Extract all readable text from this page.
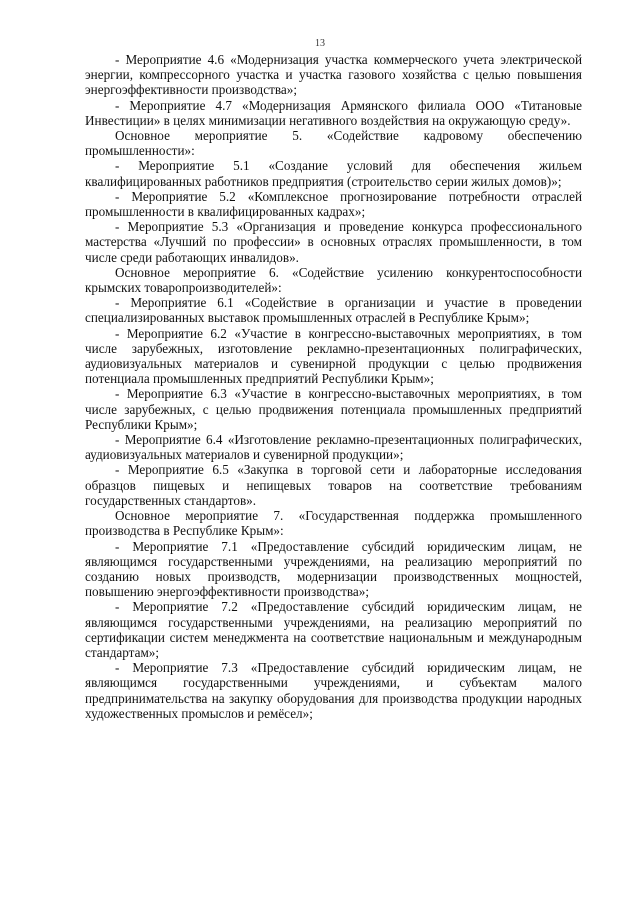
13

- Мероприятие 4.6 «Модернизация участка коммерческого учета электрической энергии, компрессорного участка и участка газового хозяйства с целью повышения энергоэффективности производства»;

- Мероприятие 4.7 «Модернизация Армянского филиала ООО «Титановые Инвестиции» в целях минимизации негативного воздействия на окружающую среду».

Основное мероприятие 5. «Содействие кадровому обеспечению промышленности»:

- Мероприятие 5.1 «Создание условий для обеспечения жильем квалифицированных работников предприятия (строительство серии жилых домов)»;

- Мероприятие 5.2 «Комплексное прогнозирование потребности отраслей промышленности в квалифицированных кадрах»;

- Мероприятие 5.3 «Организация и проведение конкурса профессионального мастерства «Лучший по профессии» в основных отраслях промышленности, в том числе среди работающих инвалидов».

Основное мероприятие 6. «Содействие усилению конкурентоспособности крымских товаропроизводителей»:

- Мероприятие 6.1 «Содействие в организации и участие в проведении специализированных выставок промышленных отраслей в Республике Крым»;

- Мероприятие 6.2 «Участие в конгрессно-выставочных мероприятиях, в том числе зарубежных, изготовление рекламно-презентационных полиграфических, аудиовизуальных материалов и сувенирной продукции с целью продвижения потенциала промышленных предприятий Республики Крым»;

- Мероприятие 6.3 «Участие в конгрессно-выставочных мероприятиях, в том числе зарубежных, с целью продвижения потенциала промышленных предприятий Республики Крым»;

- Мероприятие 6.4 «Изготовление рекламно-презентационных полиграфических, аудиовизуальных материалов и сувенирной продукции»;

- Мероприятие 6.5 «Закупка в торговой сети и лабораторные исследования образцов пищевых и непищевых товаров на соответствие требованиям государственных стандартов».

Основное мероприятие 7. «Государственная поддержка промышленного производства в Республике Крым»:

- Мероприятие 7.1 «Предоставление субсидий юридическим лицам, не являющимся государственными учреждениями, на реализацию мероприятий по созданию новых производств, модернизации производственных мощностей, повышению энергоэффективности производства»;

- Мероприятие 7.2 «Предоставление субсидий юридическим лицам, не являющимся государственными учреждениями, на реализацию мероприятий по сертификации систем менеджмента на соответствие национальным и международным стандартам»;

- Мероприятие 7.3 «Предоставление субсидий юридическим лицам, не являющимся государственными учреждениями, и субъектам малого предпринимательства на закупку оборудования для производства продукции народных художественных промыслов и ремёсел»;
